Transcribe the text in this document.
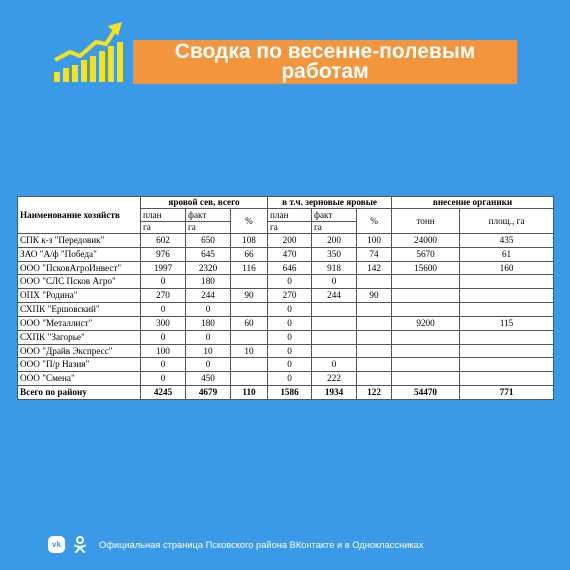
Сводка по весенне-полевым работам
Наименование хозяйств	яровой сев, всего			в т.ч. зерновые яровые			внесение органики	
	план	факт	%	план	факт	%	тонн	площ., га
	га	га		га	га			
СПК к-з "Передовик"	602	650	108	200	200	100	24000	435
ЗАО "А/ф "Победа"	976	645	66	470	350	74	5670	61
ООО "ПсковАгроИнвест"	1997	2320	116	646	918	142	15600	160
ООО "СЛС Псков Агро"	0	180		0	0			
ОПХ "Родина"	270	244	90	270	244	90		
СХПК "Ершовский"	0	0		0				
ООО "Металлист"	300	180	60	0			9200	115
СХПК "Загорье"	0	0		0				
ООО "Драйв Экспресс"	100	10	10	0				
ООО "П/р Назия"	0	0		0	0			
ООО "Смена"	0	450		0	222			
Всего по району	4245	4679	110	1586	1934	122	54470	771
vk	Официальная страница Псковского района ВКонтакте и в Одноклассниках
